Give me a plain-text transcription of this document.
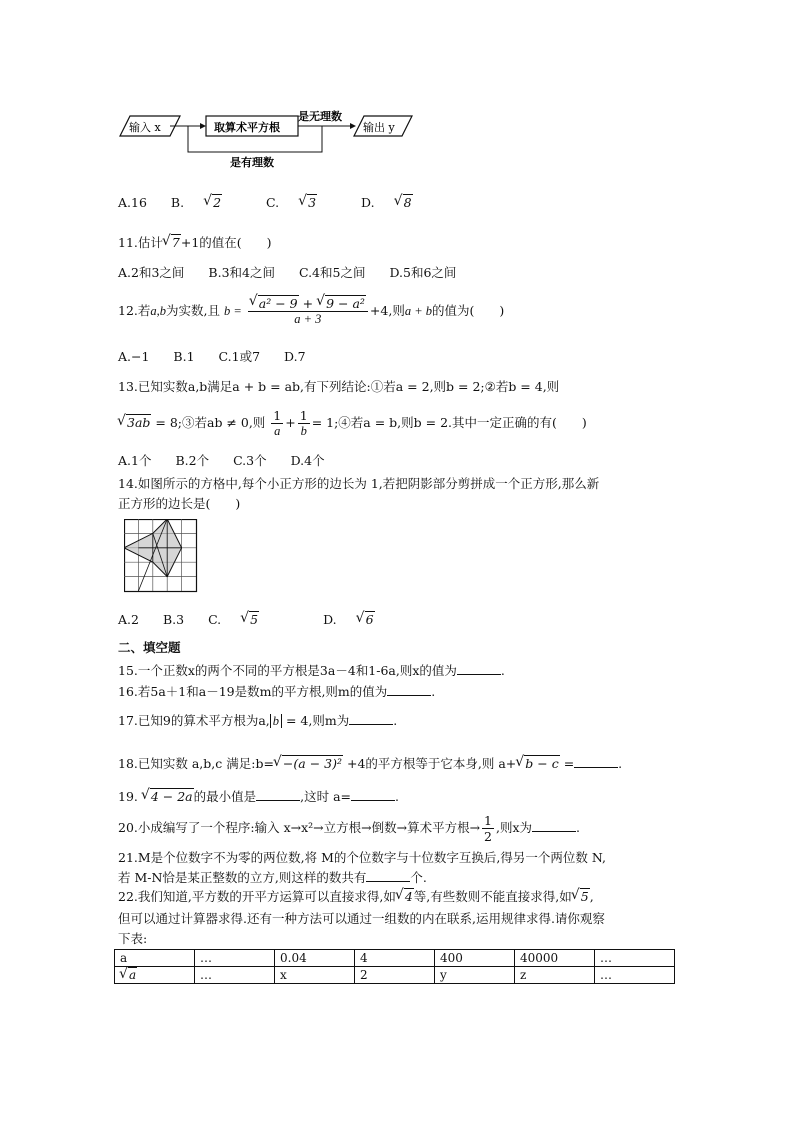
输入 x	取算术平方根	输出 y
是无理数
是有理数
A.16 B. √ 2	C. √ 3	D. √ 8
11.估计 √ 7+1的值在(　　)
A.2和3之间 B.3和4之间 C.4和5之间 D.5和6之间
12.若a,b为实数,且 b = √ $\frac{\text{a² − 9 + √ 9 − a²}}{a + 3} +4$,则a + b的值为(　　)
A.−1 B.1 C.1或7 D.7
13.已知实数a,b满足a + b = ab,有下列结论:①若a = 2,则b = 2;②若b = 4,则
√ 3ab = 8;③若ab ≠ 0,则 $\frac{1}{a} + \frac{1}{b}$ = 1;④若a = b,则b = 2.其中一定正确的有(　　)
A.1个 B.2个 C.3个 D.4个
14.如图所示的方格中,每个小正方形的边长为 1,若把阴影部分剪拼成一个正方形,那么新
正方形的边长是(　　)
A.2 B.3 C. √ 5	D. √ 6
二、填空题
15.一个正数x的两个不同的平方根是3a－4和1-6a,则x的值为	.
16.若5a＋1和a－19是数m的平方根,则m的值为	.
17.已知9的算术平方根为a, b = 4,则m为	.
18.已知实数 a,b,c 满足:b= √ −(a − 3)² +4的平方根等于它本身,则 a+ √ b − c =	.
19. √ 4 − 2a的最小值是	,这时 a=	.
20.小成编写了一个程序:输入 x→x²→立方根→倒数→算术平方根→ $\frac{1}{2}$ ,则x为	.
21.M是个位数字不为零的两位数,将 M的个位数字与十位数字互换后,得另一个两位数 N,
若 M-N恰是某正整数的立方,则这样的数共有	个.
22.我们知道,平方数的开平方运算可以直接求得,如 √ 4等,有些数则不能直接求得,如 √ 5,
但可以通过计算器求得.还有一种方法可以通过一组数的内在联系,运用规律求得.请你观察
下表:
a	…	0.04	4	400	40000	…
√ a	…	x	2	y	z	…
